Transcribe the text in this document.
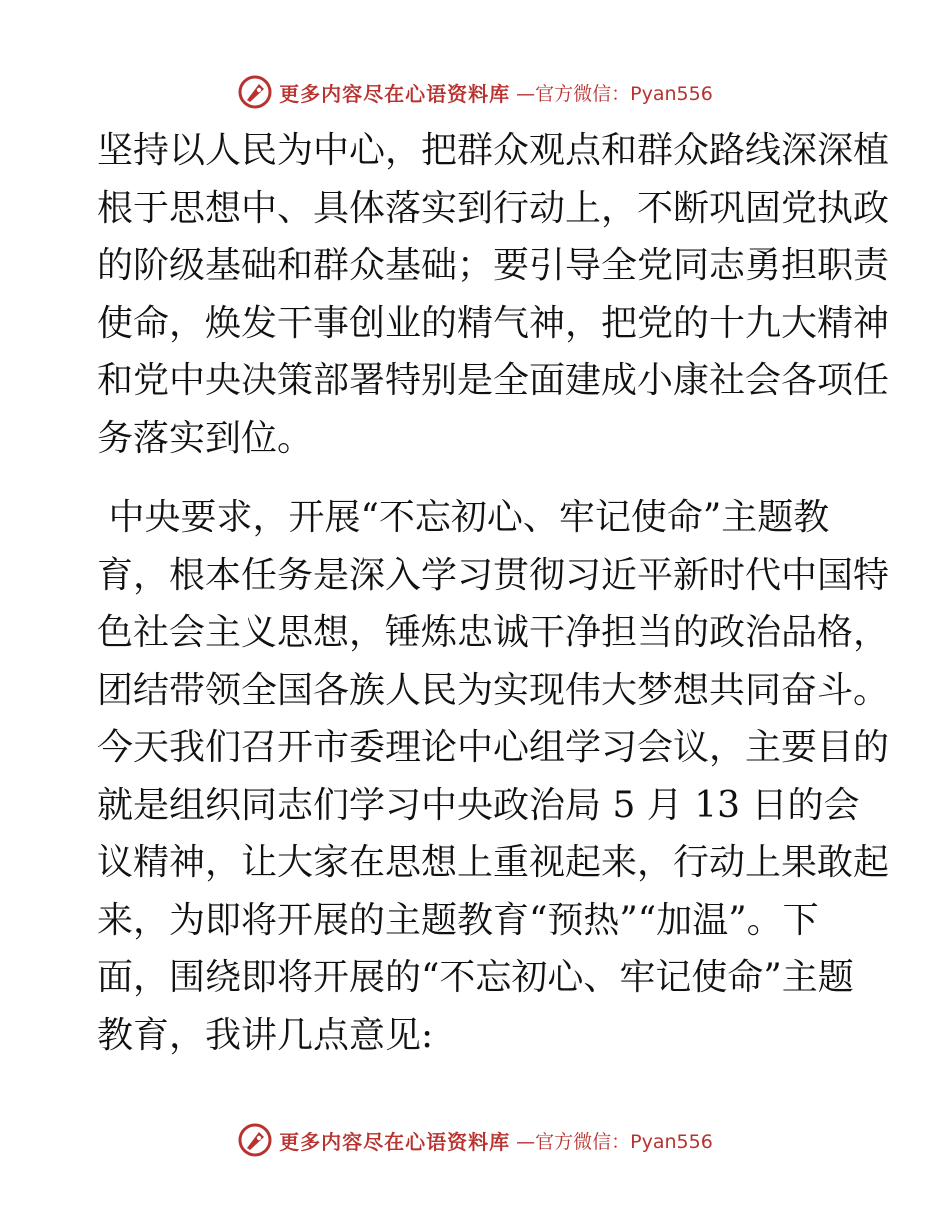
更多内容尽在心语资料库 —官方微信：Pyan556
坚持以人民为中心，把群众观点和群众路线深深植
根于思想中、具体落实到行动上，不断巩固党执政
的阶级基础和群众基础；要引导全党同志勇担职责
使命，焕发干事创业的精气神，把党的十九大精神
和党中央决策部署特别是全面建成小康社会各项任
务落实到位。
中央要求，开展“不忘初心、牢记使命”主题教
育，根本任务是深入学习贯彻习近平新时代中国特
色社会主义思想，锤炼忠诚干净担当的政治品格，
团结带领全国各族人民为实现伟大梦想共同奋斗。
今天我们召开市委理论中心组学习会议，主要目的
就是组织同志们学习中央政治局 5 月 13 日的会
议精神，让大家在思想上重视起来，行动上果敢起
来，为即将开展的主题教育“预热”“加温”。下
面，围绕即将开展的“不忘初心、牢记使命”主题
教育，我讲几点意见:
更多内容尽在心语资料库 —官方微信：Pyan556
